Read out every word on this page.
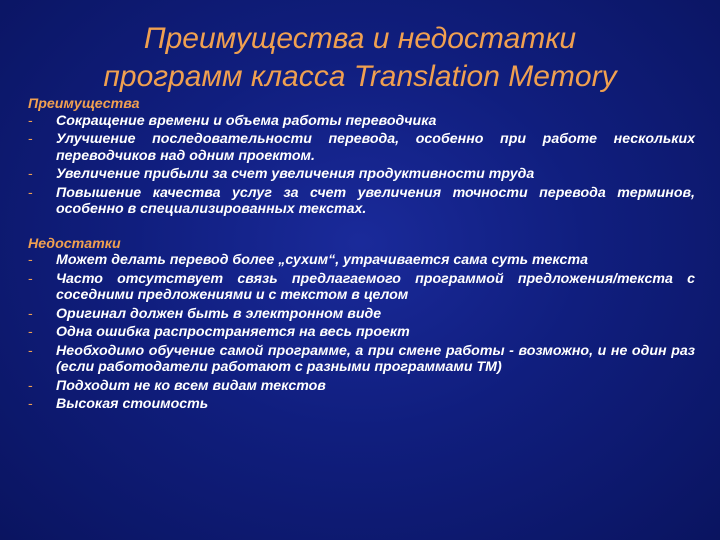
Преимущества и недостатки
программ класса Translation Memory
Преимущества
- Сокращение времени и объема работы переводчика
- Улучшение последовательности перевода, особенно при работе нескольких переводчиков над одним проектом.
- Увеличение прибыли за счет увеличения продуктивности труда
- Повышение качества услуг за счет увеличения точности перевода терминов, особенно в специализированных текстах.
Недостатки
- Может делать перевод более „сухим“, утрачивается сама суть текста
- Часто отсутствует связь предлагаемого программой предложения/текста с соседними предложениями и с текстом в целом
- Оригинал должен быть в электронном виде
- Одна ошибка распространяется на весь проект
- Необходимо обучение самой программе, а при смене работы - возможно, и не один раз (если работодатели работают с разными программами TM)
- Подходит не ко всем видам текстов
- Высокая стоимость
